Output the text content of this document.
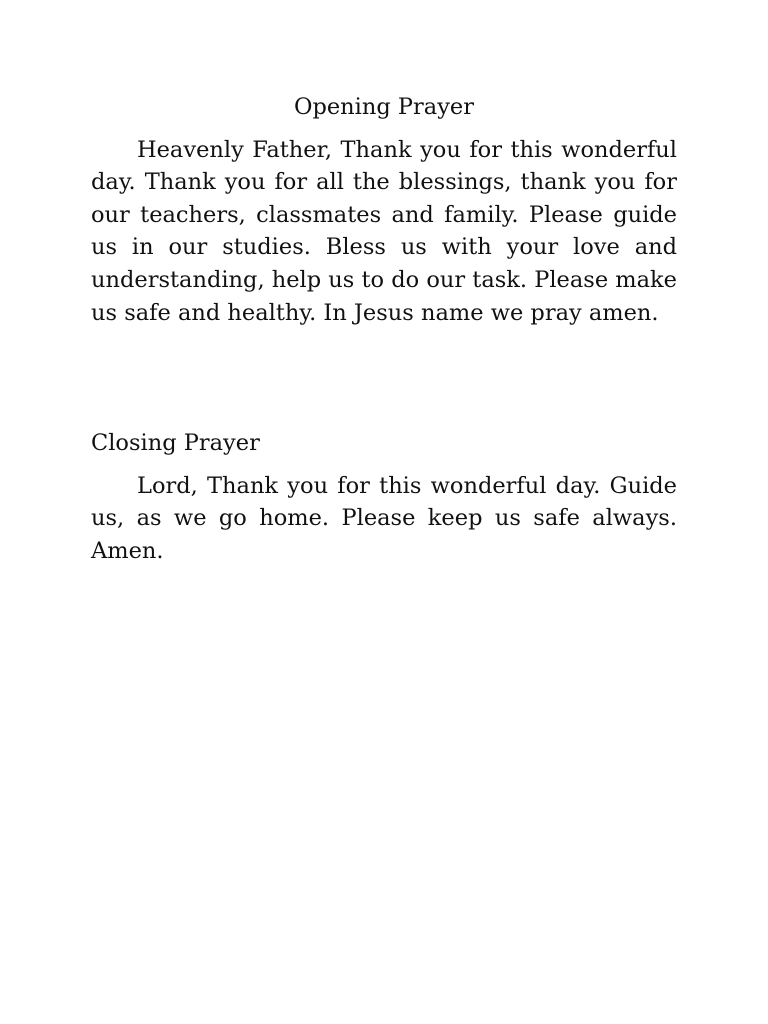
Opening Prayer

Heavenly Father, Thank you for this wonderful day. Thank you for all the blessings, thank you for our teachers, classmates and family. Please guide us in our studies. Bless us with your love and understanding, help us to do our task. Please make us safe and healthy. In Jesus name we pray amen.

Closing Prayer

Lord, Thank you for this wonderful day. Guide us, as we go home. Please keep us safe always. Amen.
